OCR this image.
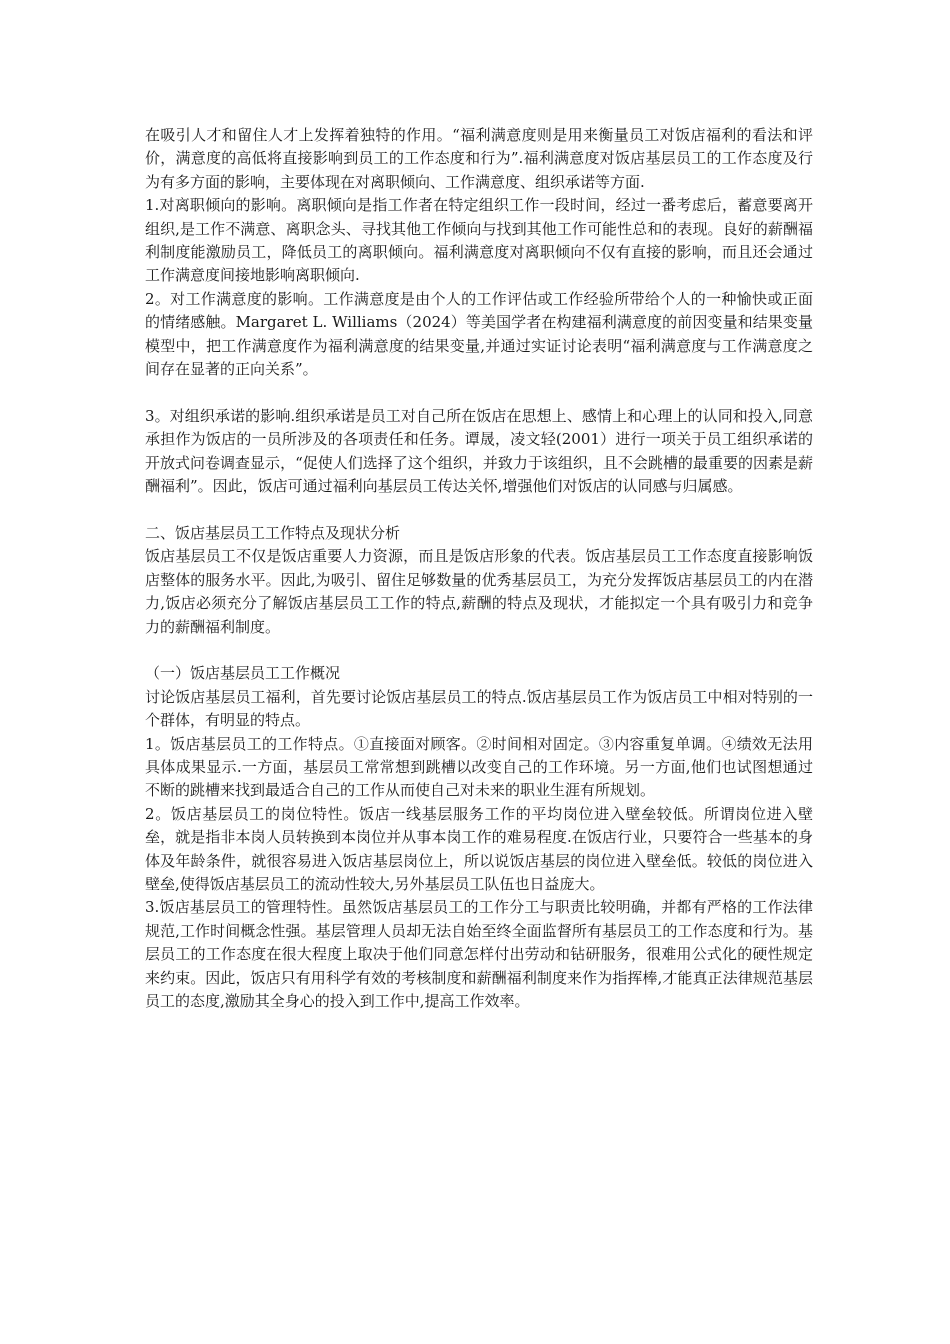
在吸引人才和留住人才上发挥着独特的作用。“福利满意度则是用来衡量员工对饭店福利的看法和评价，满意度的高低将直接影响到员工的工作态度和行为”.福利满意度对饭店基层员工的工作态度及行为有多方面的影响，主要体现在对离职倾向、工作满意度、组织承诺等方面.

1.对离职倾向的影响。离职倾向是指工作者在特定组织工作一段时间，经过一番考虑后，蓄意要离开组织,是工作不满意、离职念头、寻找其他工作倾向与找到其他工作可能性总和的表现。良好的薪酬福利制度能激励员工，降低员工的离职倾向。福利满意度对离职倾向不仅有直接的影响，而且还会通过工作满意度间接地影响离职倾向.

2。对工作满意度的影响。工作满意度是由个人的工作评估或工作经验所带给个人的一种愉快或正面的情绪感触。Margaret L. Williams（2024）等美国学者在构建福利满意度的前因变量和结果变量模型中，把工作满意度作为福利满意度的结果变量,并通过实证讨论表明“福利满意度与工作满意度之间存在显著的正向关系”。

3。对组织承诺的影响.组织承诺是员工对自己所在饭店在思想上、感情上和心理上的认同和投入,同意承担作为饭店的一员所涉及的各项责任和任务。谭晟，凌文轻(2001）进行一项关于员工组织承诺的开放式问卷调查显示，“促使人们选择了这个组织，并致力于该组织，且不会跳槽的最重要的因素是薪酬福利”。因此，饭店可通过福利向基层员工传达关怀,增强他们对饭店的认同感与归属感。

二、饭店基层员工工作特点及现状分析

饭店基层员工不仅是饭店重要人力资源，而且是饭店形象的代表。饭店基层员工工作态度直接影响饭店整体的服务水平。因此,为吸引、留住足够数量的优秀基层员工，为充分发挥饭店基层员工的内在潜力,饭店必须充分了解饭店基层员工工作的特点,薪酬的特点及现状，才能拟定一个具有吸引力和竞争力的薪酬福利制度。

（一）饭店基层员工工作概况

讨论饭店基层员工福利，首先要讨论饭店基层员工的特点.饭店基层员工作为饭店员工中相对特别的一个群体，有明显的特点。

1。饭店基层员工的工作特点。①直接面对顾客。②时间相对固定。③内容重复单调。④绩效无法用具体成果显示.一方面，基层员工常常想到跳槽以改变自己的工作环境。另一方面,他们也试图想通过不断的跳槽来找到最适合自己的工作从而使自己对未来的职业生涯有所规划。

2。饭店基层员工的岗位特性。饭店一线基层服务工作的平均岗位进入壁垒较低。所谓岗位进入壁垒，就是指非本岗人员转换到本岗位并从事本岗工作的难易程度.在饭店行业，只要符合一些基本的身体及年龄条件，就很容易进入饭店基层岗位上，所以说饭店基层的岗位进入壁垒低。较低的岗位进入壁垒,使得饭店基层员工的流动性较大,另外基层员工队伍也日益庞大。

3.饭店基层员工的管理特性。虽然饭店基层员工的工作分工与职责比较明确，并都有严格的工作法律规范,工作时间概念性强。基层管理人员却无法自始至终全面监督所有基层员工的工作态度和行为。基层员工的工作态度在很大程度上取决于他们同意怎样付出劳动和钻研服务，很难用公式化的硬性规定来约束。因此，饭店只有用科学有效的考核制度和薪酬福利制度来作为指挥棒,才能真正法律规范基层员工的态度,激励其全身心的投入到工作中,提高工作效率。
